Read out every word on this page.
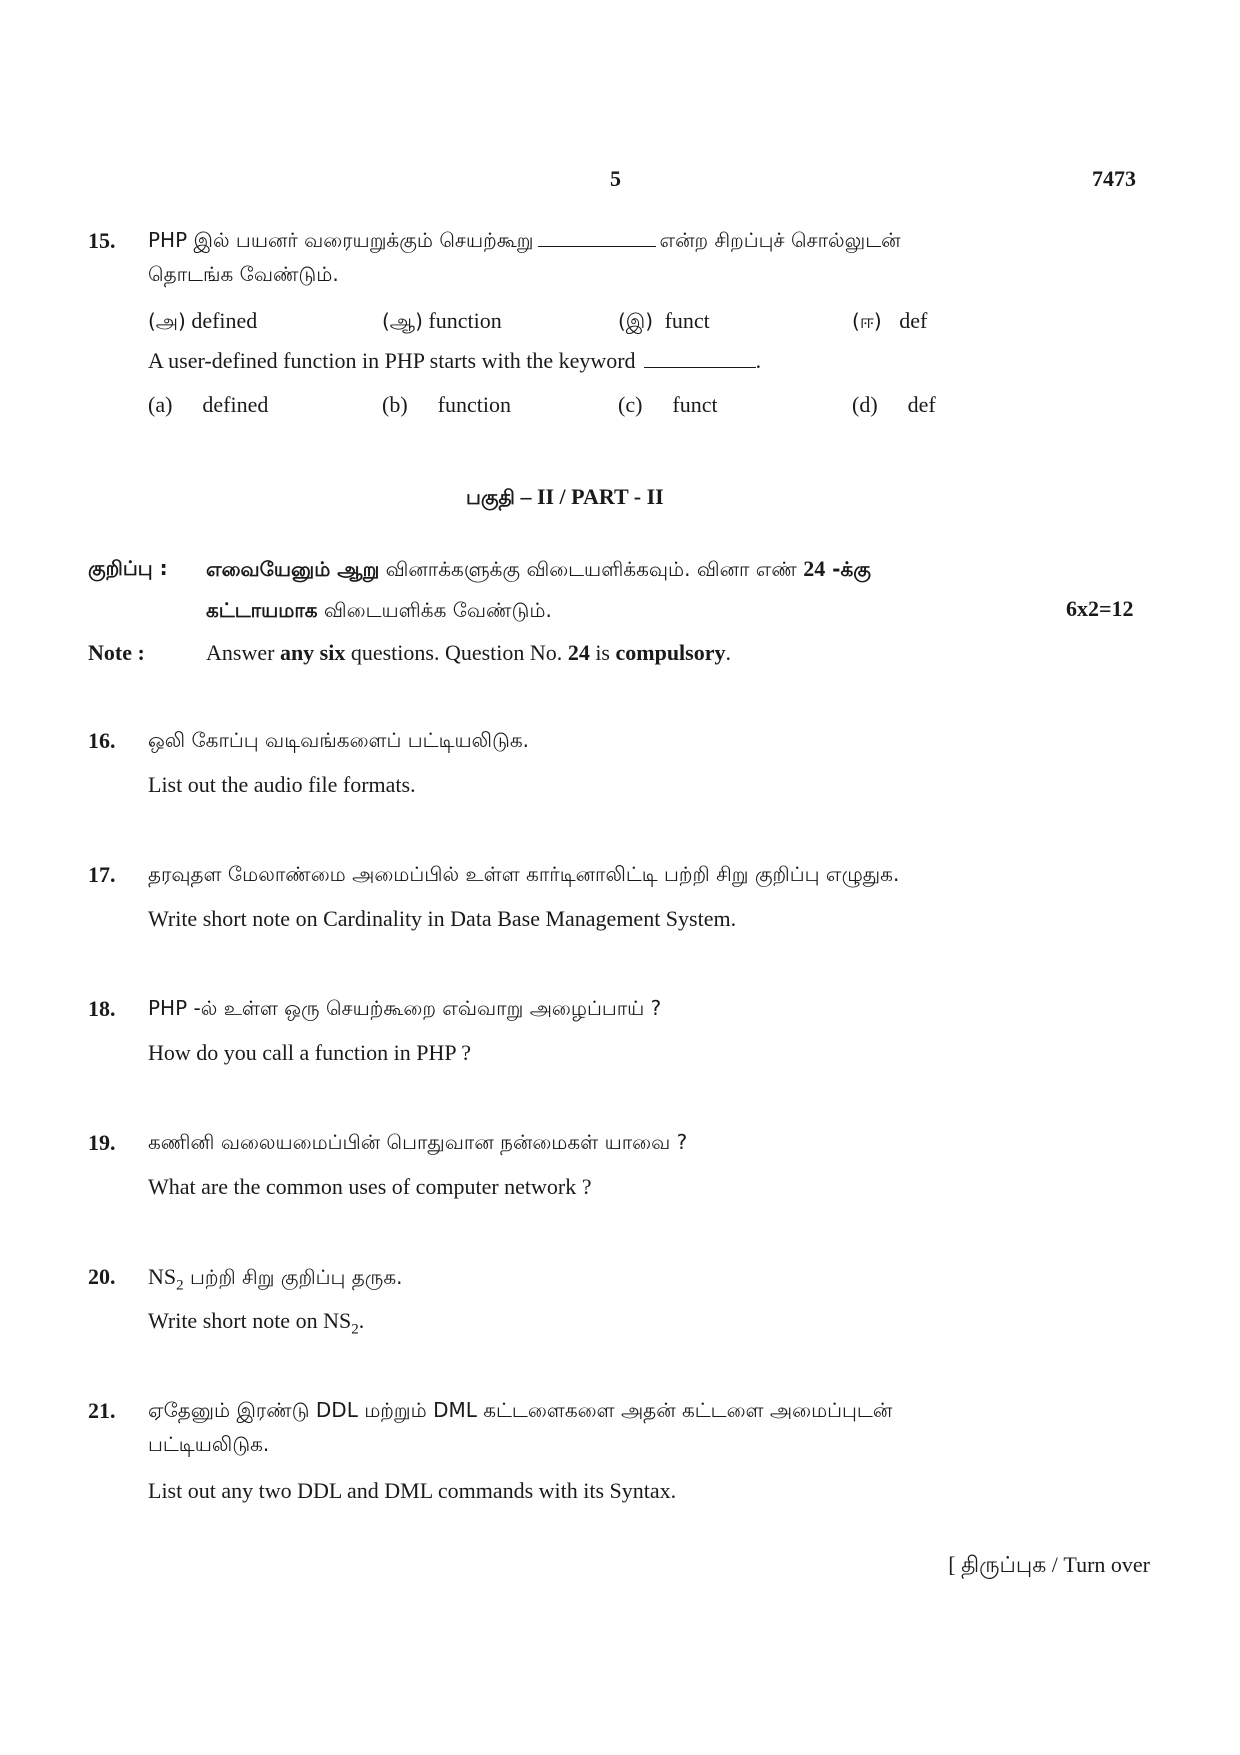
5	7473
15. PHP இல் பயனர் வரையறுக்கும் செயற்கூறு	என்ற சிறப்புச் சொல்லுடன்
தொடங்க வேண்டும்.
(அ) defined	(ஆ) function	(இ) funct	(ஈ) def
A user-defined function in PHP starts with the keyword	.
(a) defined	(b) function	(c) funct	(d) def
பகுதி – II / PART - II
குறிப்பு : எவையேனும் ஆறு வினாக்களுக்கு விடையளிக்கவும். வினா எண் 24 -க்கு
கட்டாயமாக விடையளிக்க வேண்டும்.	6x2=12
Note :	Answer any six questions. Question No. 24 is compulsory.
16. ஒலி கோப்பு வடிவங்களைப் பட்டியலிடுக.
List out the audio file formats.
17. தரவுதள மேலாண்மை அமைப்பில் உள்ள கார்டினாலிட்டி பற்றி சிறு குறிப்பு எழுதுக.
Write short note on Cardinality in Data Base Management System.
18. PHP -ல் உள்ள ஒரு செயற்கூறை எவ்வாறு அழைப்பாய் ?
How do you call a function in PHP ?
19. கணினி வலையமைப்பின் பொதுவான நன்மைகள் யாவை ?
What are the common uses of computer network ?
20. $NS_2$ பற்றி சிறு குறிப்பு தருக.
Write short note on $NS_2$.
21. ஏதேனும் இரண்டு DDL மற்றும் DML கட்டளைகளை அதன் கட்டளை அமைப்புடன்
பட்டியலிடுக.
List out any two DDL and DML commands with its Syntax.
[ திருப்புக / Turn over
